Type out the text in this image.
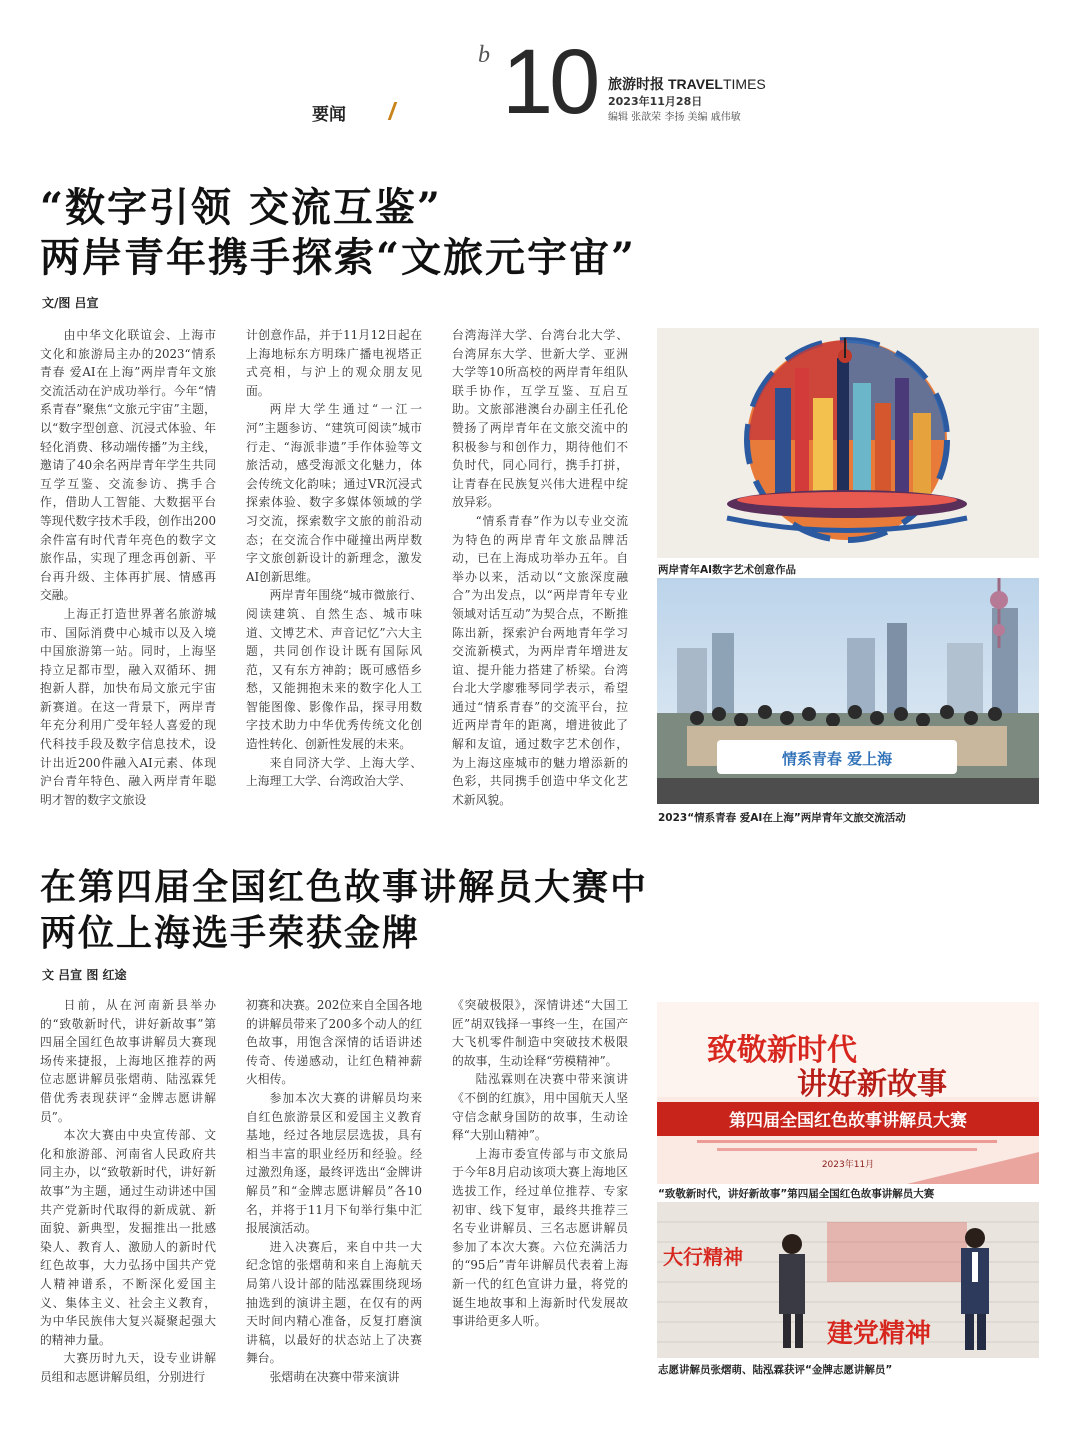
要闻
b 10 旅游时报 TRAVELTIMES
2023年11月28日
编辑 张歆荣 李扬 美编 戚伟敏
“数字引领 交流互鉴”
两岸青年携手探索“文旅元宇宙”
文/图 吕宣

由中华文化联谊会、上海市文化和旅游局主办的2023“情系青春 爱AI在上海”两岸青年文旅交流活动在沪成功举行。今年“情系青春”聚焦“文旅元宇宙”主题，以“数字型创意、沉浸式体验、年轻化消费、移动端传播”为主线，邀请了40余名两岸青年学生共同互学互鉴、交流参访、携手合作，借助人工智能、大数据平台等现代数字技术手段，创作出200余件富有时代青年亮色的数字文旅作品，实现了理念再创新、平台再升级、主体再扩展、情感再交融。

上海正打造世界著名旅游城市、国际消费中心城市以及入境中国旅游第一站。同时，上海坚持立足都市型，融入双循环、拥抱新人群，加快布局文旅元宇宙新赛道。在这一背景下，两岸青年充分利用广受年轻人喜爱的现代科技手段及数字信息技术，设计出近200件融入AI元素、体现沪台青年特色、融入两岸青年聪明才智的数字文旅设

计创意作品，并于11月12日起在上海地标东方明珠广播电视塔正式亮相，与沪上的观众朋友见面。

两岸大学生通过“一江一河”主题参访、“建筑可阅读”城市行走、“海派非遗”手作体验等文旅活动，感受海派文化魅力，体会传统文化韵味；通过VR沉浸式探索体验、数字多媒体领域的学习交流，探索数字文旅的前沿动态；在交流合作中碰撞出两岸数字文旅创新设计的新理念，激发AI创新思维。

两岸青年围绕“城市微旅行、阅读建筑、自然生态、城市味道、文博艺术、声音记忆”六大主题，共同创作设计既有国际风范，又有东方神韵；既可感悟乡愁，又能拥抱未来的数字化人工智能图像、影像作品，探寻用数字技术助力中华优秀传统文化创造性转化、创新性发展的未来。

来自同济大学、上海大学、上海理工大学、台湾政治大学、

台湾海洋大学、台湾台北大学、台湾屏东大学、世新大学、亚洲大学等10所高校的两岸青年组队联手协作，互学互鉴、互启互助。文旅部港澳台办副主任孔伦赞扬了两岸青年在文旅交流中的积极参与和创作力，期待他们不负时代，同心同行，携手打拼，让青春在民族复兴伟大进程中绽放异彩。

“情系青春”作为以专业交流为特色的两岸青年文旅品牌活动，已在上海成功举办五年。自举办以来，活动以“文旅深度融合”为出发点，以“两岸青年专业领域对话互动”为契合点，不断推陈出新，探索沪台两地青年学习交流新模式，为两岸青年增进友谊、提升能力搭建了桥梁。台湾台北大学廖雅琴同学表示，希望通过“情系青春”的交流平台，拉近两岸青年的距离，增进彼此了解和友谊，通过数字艺术创作，为上海这座城市的魅力增添新的色彩，共同携手创造中华文化艺术新风貌。

两岸青年AI数字艺术创意作品
情系青春 爱上海
2023“情系青春 爱AI在上海”两岸青年文旅交流活动
在第四届全国红色故事讲解员大赛中
两位上海选手荣获金牌
文 吕宣 图 红途

日前，从在河南新县举办的“致敬新时代，讲好新故事”第四届全国红色故事讲解员大赛现场传来捷报，上海地区推荐的两位志愿讲解员张熠萌、陆泓霖凭借优秀表现获评“金牌志愿讲解员”。

本次大赛由中央宣传部、文化和旅游部、河南省人民政府共同主办，以“致敬新时代，讲好新故事”为主题，通过生动讲述中国共产党新时代取得的新成就、新面貌、新典型，发掘推出一批感染人、教育人、激励人的新时代红色故事，大力弘扬中国共产党人精神谱系，不断深化爱国主义、集体主义、社会主义教育，为中华民族伟大复兴凝聚起强大的精神力量。

大赛历时九天，设专业讲解员组和志愿讲解员组，分别进行

初赛和决赛。202位来自全国各地的讲解员带来了200多个动人的红色故事，用饱含深情的话语讲述传奇、传递感动，让红色精神薪火相传。

参加本次大赛的讲解员均来自红色旅游景区和爱国主义教育基地，经过各地层层选拔，具有相当丰富的职业经历和经验。经过激烈角逐，最终评选出“金牌讲解员”和“金牌志愿讲解员”各10名，并将于11月下旬举行集中汇报展演活动。

进入决赛后，来自中共一大纪念馆的张熠萌和来自上海航天局第八设计部的陆泓霖围绕现场抽选到的演讲主题，在仅有的两天时间内精心准备，反复打磨演讲稿，以最好的状态站上了决赛舞台。

张熠萌在决赛中带来演讲

《突破极限》，深情讲述“大国工匠”胡双钱择一事终一生，在国产大飞机零件制造中突破技术极限的故事，生动诠释“劳模精神”。

陆泓霖则在决赛中带来演讲《不倒的红旗》，用中国航天人坚守信念献身国防的故事，生动诠释“大别山精神”。

上海市委宣传部与市文旅局于今年8月启动该项大赛上海地区选拔工作，经过单位推荐、专家初审、线下复审，最终共推荐三名专业讲解员、三名志愿讲解员参加了本次大赛。六位充满活力的“95后”青年讲解员代表着上海新一代的红色宣讲力量，将党的诞生地故事和上海新时代发展故事讲给更多人听。

致敬新时代
讲好新故事
第四届全国红色故事讲解员大赛
2023年11月
“致敬新时代，讲好新故事”第四届全国红色故事讲解员大赛
大行精神
建党精神
志愿讲解员张熠萌、陆泓霖获评“金牌志愿讲解员”
